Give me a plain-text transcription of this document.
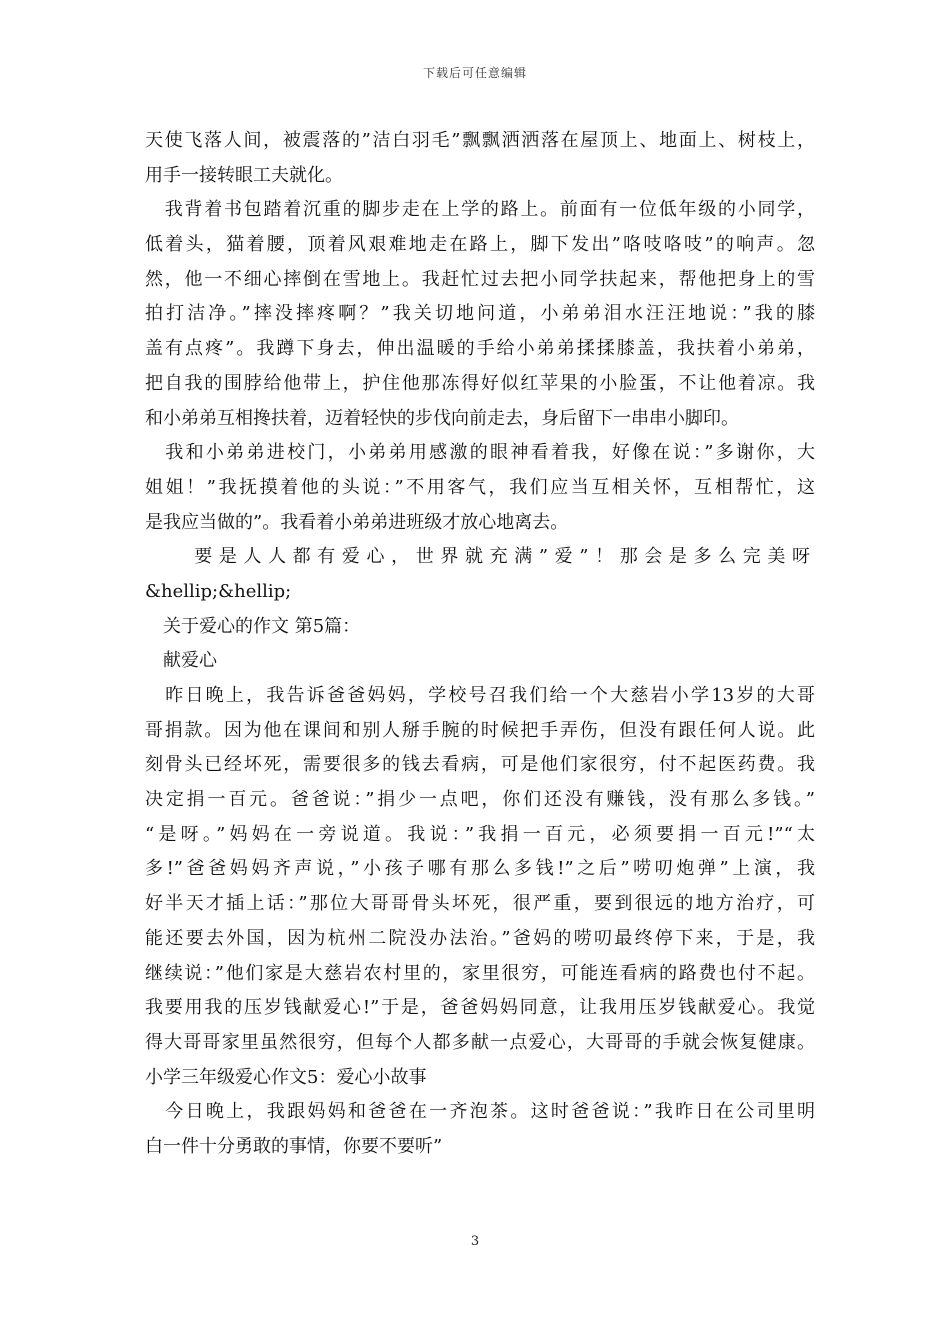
下载后可任意编辑
天使飞落人间，被震落的”洁白羽毛”飘飘洒洒落在屋顶上、地面上、树枝上，
用手一接转眼工夫就化。
　我背着书包踏着沉重的脚步走在上学的路上。前面有一位低年级的小同学，
低着头，猫着腰，顶着风艰难地走在路上，脚下发出”咯吱咯吱”的响声。忽
然，他一不细心摔倒在雪地上。我赶忙过去把小同学扶起来，帮他把身上的雪
拍打洁净。”摔没摔疼啊？”我关切地问道，小弟弟泪水汪汪地说：”我的膝
盖有点疼”。我蹲下身去，伸出温暖的手给小弟弟揉揉膝盖，我扶着小弟弟，
把自我的围脖给他带上，护住他那冻得好似红苹果的小脸蛋，不让他着凉。我
和小弟弟互相搀扶着，迈着轻快的步伐向前走去，身后留下一串串小脚印。
　我和小弟弟进校门，小弟弟用感激的眼神看着我，好像在说：”多谢你，大
姐姐！”我抚摸着他的头说：”不用客气，我们应当互相关怀，互相帮忙，这
是我应当做的”。我看着小弟弟进班级才放心地离去。
　　要是人人都有爱心，世界就充满”爱”！那会是多么完美呀
&hellip;&hellip;
　关于爱心的作文 第5篇：
　献爱心
　昨日晚上，我告诉爸爸妈妈，学校号召我们给一个大慈岩小学13岁的大哥
哥捐款。因为他在课间和别人掰手腕的时候把手弄伤，但没有跟任何人说。此
刻骨头已经坏死，需要很多的钱去看病，可是他们家很穷，付不起医药费。我
决定捐一百元。爸爸说：”捐少一点吧，你们还没有赚钱，没有那么多钱。”
“是呀。”妈妈在一旁说道。我说：”我捐一百元，必须要捐一百元!”“太
多!”爸爸妈妈齐声说，”小孩子哪有那么多钱!”之后”唠叨炮弹”上演，我
好半天才插上话：”那位大哥哥骨头坏死，很严重，要到很远的地方治疗，可
能还要去外国，因为杭州二院没办法治。”爸妈的唠叨最终停下来，于是，我
继续说：”他们家是大慈岩农村里的，家里很穷，可能连看病的路费也付不起。
我要用我的压岁钱献爱心!”于是，爸爸妈妈同意，让我用压岁钱献爱心。我觉
得大哥哥家里虽然很穷，但每个人都多献一点爱心，大哥哥的手就会恢复健康。
小学三年级爱心作文5：爱心小故事
　今日晚上，我跟妈妈和爸爸在一齐泡茶。这时爸爸说：”我昨日在公司里明
白一件十分勇敢的事情，你要不要听”
3
